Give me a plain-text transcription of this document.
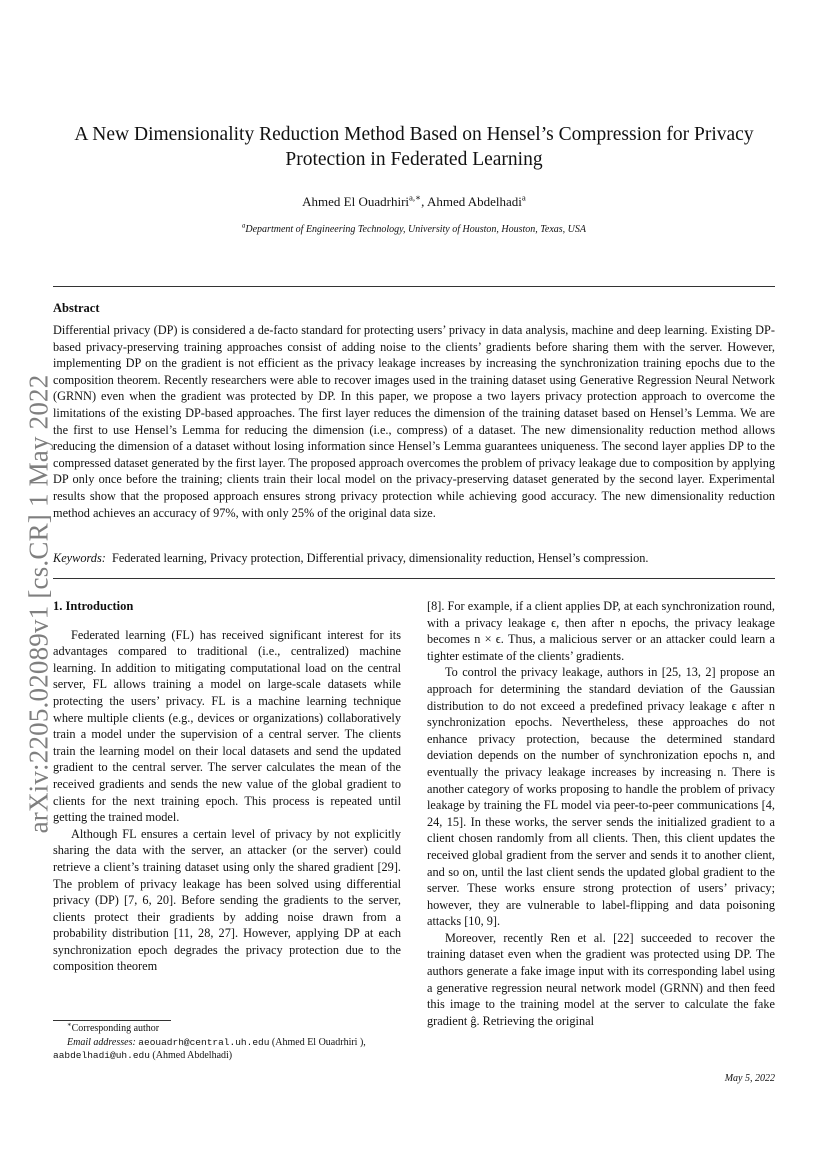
arXiv:2205.02089v1 [cs.CR] 1 May 2022
A New Dimensionality Reduction Method Based on Hensel’s Compression for Privacy
Protection in Federated Learning
Ahmed El Ouadrhiri$^{a,∗}$, Ahmed Abdelhadi$^a$
$^a$Department of Engineering Technology, University of Houston, Houston, Texas, USA
Abstract

Differential privacy (DP) is considered a de-facto standard for protecting users’ privacy in data analysis, machine and deep learning. Existing DP-based privacy-preserving training approaches consist of adding noise to the clients’ gradients before sharing them with the server. However, implementing DP on the gradient is not efficient as the privacy leakage increases by increasing the synchronization training epochs due to the composition theorem. Recently researchers were able to recover images used in the training dataset using Generative Regression Neural Network (GRNN) even when the gradient was protected by DP. In this paper, we propose a two layers privacy protection approach to overcome the limitations of the existing DP-based approaches. The first layer reduces the dimension of the training dataset based on Hensel’s Lemma. We are the first to use Hensel’s Lemma for reducing the dimension (i.e., compress) of a dataset. The new dimensionality reduction method allows reducing the dimension of a dataset without losing information since Hensel’s Lemma guarantees uniqueness. The second layer applies DP to the compressed dataset generated by the first layer. The proposed approach overcomes the problem of privacy leakage due to composition by applying DP only once before the training; clients train their local model on the privacy-preserving dataset generated by the second layer. Experimental results show that the proposed approach ensures strong privacy protection while achieving good accuracy. The new dimensionality reduction method achieves an accuracy of 97%, with only 25% of the original data size.

Keywords: Federated learning, Privacy protection, Differential privacy, dimensionality reduction, Hensel’s compression.
1. Introduction

Federated learning (FL) has received significant interest for its advantages compared to traditional (i.e., centralized) machine learning. In addition to mitigating computational load on the central server, FL allows training a model on large-scale datasets while protecting the users’ privacy. FL is a machine learning technique where multiple clients (e.g., devices or organizations) collaboratively train a model under the supervision of a central server. The clients train the learning model on their local datasets and send the updated gradient to the central server. The server calculates the mean of the received gradients and sends the new value of the global gradient to clients for the next training epoch. This process is repeated until getting the trained model.

Although FL ensures a certain level of privacy by not explicitly sharing the data with the server, an attacker (or the server) could retrieve a client’s training dataset using only the shared gradient [29]. The problem of privacy leakage has been solved using differential privacy (DP) [7, 6, 20]. Before sending the gradients to the server, clients protect their gradients by adding noise drawn from a probability distribution [11, 28, 27]. However, applying DP at each synchronization epoch degrades the privacy protection due to the composition theorem

[8]. For example, if a client applies DP, at each synchronization round, with a privacy leakage ϵ, then after n epochs, the privacy leakage becomes n × ϵ. Thus, a malicious server or an attacker could learn a tighter estimate of the clients’ gradients.

To control the privacy leakage, authors in [25, 13, 2] propose an approach for determining the standard deviation of the Gaussian distribution to do not exceed a predefined privacy leakage ϵ after n synchronization epochs. Nevertheless, these approaches do not enhance privacy protection, because the determined standard deviation depends on the number of synchronization epochs n, and eventually the privacy leakage increases by increasing n. There is another category of works proposing to handle the problem of privacy leakage by training the FL model via peer-to-peer communications [4, 24, 15]. In these works, the server sends the initialized gradient to a client chosen randomly from all clients. Then, this client updates the received global gradient from the server and sends it to another client, and so on, until the last client sends the updated global gradient to the server. These works ensure strong protection of users’ privacy; however, they are vulnerable to label-flipping and data poisoning attacks [10, 9].

Moreover, recently Ren et al. [22] succeeded to recover the training dataset even when the gradient was protected using DP. The authors generate a fake image input with its corresponding label using a generative regression neural network model (GRNN) and then feed this image to the training model at the server to calculate the fake gradient ĝ. Retrieving the original

∗Corresponding author
Email addresses: aeouadrh@central.uh.edu (Ahmed El Ouadrhiri ),
aabdelhadi@uh.edu (Ahmed Abdelhadi)
May 5, 2022
